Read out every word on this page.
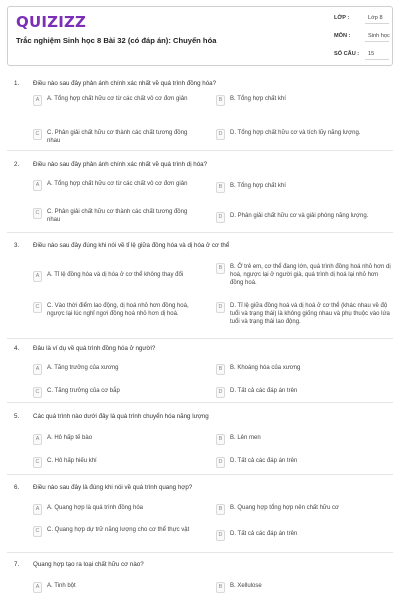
QUIZIZZ
Trắc nghiệm Sinh học 8 Bài 32 (có đáp án): Chuyển hóa
LỚP :	Lớp 8
MÔN :	Sinh học
SỐ CÂU : 15
1. Điều nào sau đây phản ánh chính xác nhất về quá trình đồng hóa?
A	A. Tổng hợp chất hữu cơ từ các chất vô cơ đơn giản	B	B. Tổng hợp chất khí
C	C. Phân giải chất hữu cơ thành các chất tương đồng nhau
D	D. Tổng hợp chất hữu cơ và tích lũy năng lượng.
2. Điều nào sau đây phản ánh chính xác nhất về quá trình dị hóa?
A	A. Tổng hợp chất hữu cơ từ các chất vô cơ đơn giản	B	B. Tổng hợp chất khí
C	C. Phân giải chất hữu cơ thành các chất tương đồng nhau	D	D. Phân giải chất hữu cơ và giải phóng năng lượng.
3. Điều nào sau đây đúng khi nói về tỉ lệ giữa đồng hóa và dị hóa ở cơ thể
A	A. Tỉ lệ đồng hóa và dị hóa ở cơ thể không thay đổi
B	B. Ở trẻ em, cơ thể đang lớn, quá trình đồng hoá nhỏ hơn dị hoá, ngược lại ở người già, quá trình dị hoá lại nhỏ hơn đồng hoá.
C	C. Vào thời điểm lao động, dị hoá nhỏ hơn đồng hoá, ngược lại lúc nghỉ ngơi đồng hoá nhỏ hơn dị hoá.
D	D. Tỉ lệ giữa đồng hoá và dị hoá ở cơ thể (khác nhau về độ tuổi và trạng thái) là không giống nhau và phụ thuộc vào lứa tuổi và trạng thái lao động.
4. Đâu là ví dụ về quá trình đồng hóa ở người?
A	A. Tăng trưởng của xương	B	B. Khoáng hóa của xương
C	C. Tăng trưởng của cơ bắp	D	D. Tất cả các đáp án trên
5. Các quá trình nào dưới đây là quá trình chuyển hóa năng lượng
A	A. Hô hấp tế bào	B	B. Lên men
C	C. Hô hấp hiếu khí	D	D. Tất cả các đáp án trên
6. Điều nào sau đây là đúng khi nói về quá trình quang hợp?
A	A. Quang hợp là quá trình đồng hóa	B	B. Quang hợp tổng hợp nên chất hữu cơ
C	C. Quang hợp dự trữ năng lượng cho cơ thể thực vật
D	D. Tất cả các đáp án trên
7. Quang hợp tạo ra loại chất hữu cơ nào?
A	A. Tinh bột	B	B. Xellulose
